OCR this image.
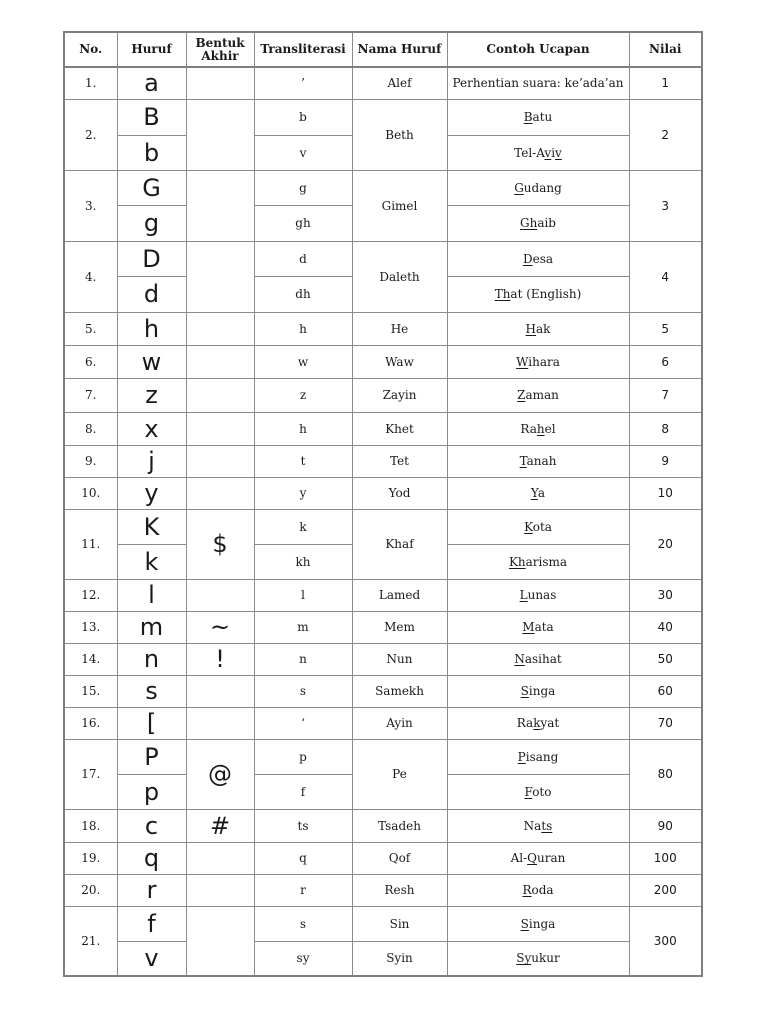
No.	Huruf	Bentuk Akhir	Transliterasi	Nama Huruf	Contoh Ucapan	Nilai
1.	a		’	Alef	Perhentian suara: ke’ada’an	1
2.	B		b	Beth	Batu	2
	b		v		Tel-Aviv	
3.	G		g	Gimel	Gudang	3
	g		gh		Ghaib	
4.	D		d	Daleth	Desa	4
	d		dh		That (English)	
5.	h		h	He	Hak	5
6.	w		w	Waw	Wihara	6
7.	z		z	Zayin	Zaman	7
8.	x		h	Khet	Rahel	8
9.	j		t	Tet	Tanah	9
10.	y		y	Yod	Ya	10
11.	K	$	k	Khaf	Kota	20
	k		kh		Kharisma	
12.	l		l	Lamed	Lunas	30
13.	m	~	m	Mem	Mata	40
14.	n	!	n	Nun	Nasihat	50
15.	s		s	Samekh	Singa	60
16.	[		‘	Ayin	Rakyat	70
17.	P	@	p	Pe	Pisang	80
	p		f		Foto	
18.	c	#	ts	Tsadeh	Nats	90
19.	q		q	Qof	Al-Quran	100
20.	r		r	Resh	Roda	200
21.	f		s	Sin	Singa	300
	v		sy	Syin	Syukur	
